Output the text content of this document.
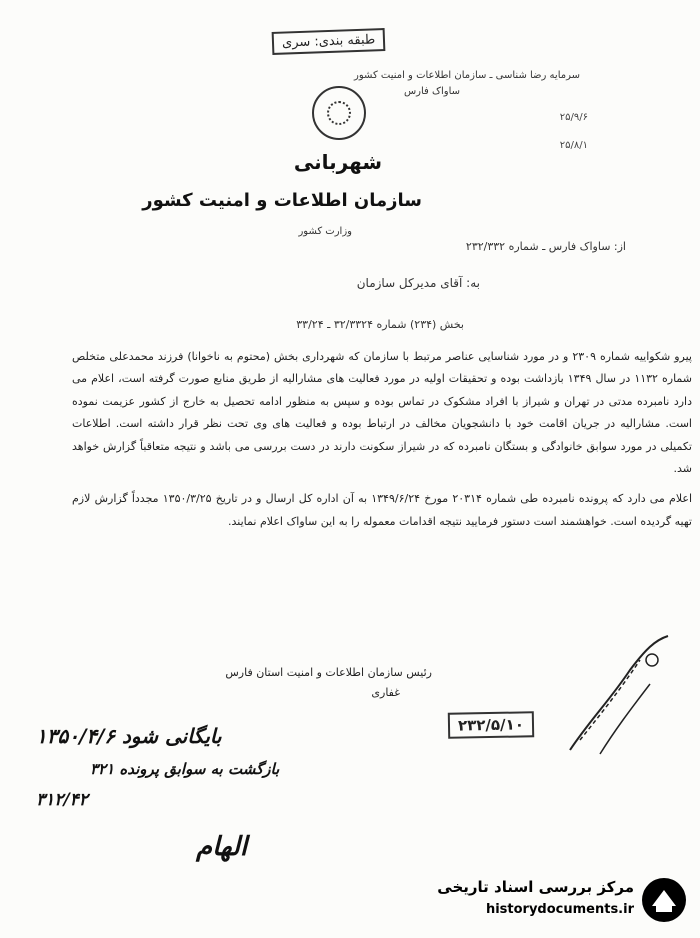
طبقه بندی: سری
سرمایه رضا شناسی ـ سازمان اطلاعات و امنیت کشور
ساواک فارس
۲۵/۹/۶
۲۵/۸/۱
شهربانی
سازمان اطلاعات و امنیت کشور
وزارت کشور
از: ساواک فارس ـ شماره ۲۳۲/۳۳۲
به: آقای مدیرکل سازمان
بخش (۲۳۴) شماره ۳۲/۳۳۲۴ ـ ۳۳/۲۴

پیرو شکواییه شماره ۲۳۰۹ و در مورد شناسایی عناصر مرتبط با سازمان که شهرداری بخش (محتوم به ناخوانا) فرزند محمدعلی متخلص شماره ۱۱۳۲ در سال ۱۳۴۹ بازداشت بوده و تحقیقات اولیه در مورد فعالیت های مشارالیه از طریق منابع صورت گرفته است، اعلام می دارد نامبرده مدتی در تهران و شیراز با افراد مشکوک در تماس بوده و سپس به منظور ادامه تحصیل به خارج از کشور عزیمت نموده است. مشارالیه در جریان اقامت خود با دانشجویان مخالف در ارتباط بوده و فعالیت های وی تحت نظر قرار داشته است. اطلاعات تکمیلی در مورد سوابق خانوادگی و بستگان نامبرده که در شیراز سکونت دارند در دست بررسی می باشد و نتیجه متعاقباً گزارش خواهد شد.

اعلام می دارد که پرونده نامبرده طی شماره ۲۰۳۱۴ مورخ ۱۳۴۹/۶/۲۴ به آن اداره کل ارسال و در تاریخ ۱۳۵۰/۳/۲۵ مجدداً گزارش لازم تهیه گردیده است. خواهشمند است دستور فرمایید نتیجه اقدامات معموله را به این ساواک اعلام نمایند.

رئیس سازمان اطلاعات و امنیت استان فارس
غفاری
بایگانی شود ۱۳۵۰/۴/۶
بازگشت به سوابق پرونده ۳۲۱
۳۱۲/۴۲
۲۳۲/۵/۱۰
الهام
مرکز بررسی اسناد تاریخی
historydocuments.ir
